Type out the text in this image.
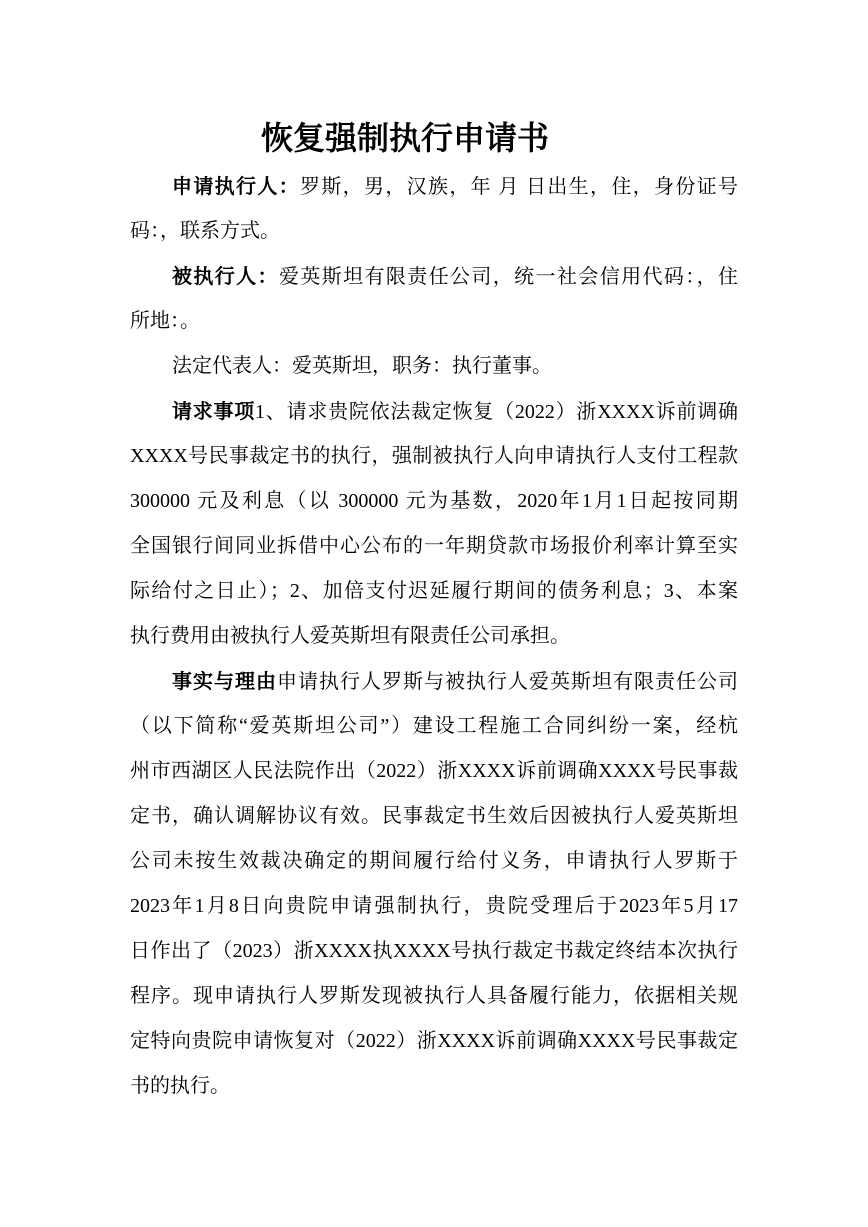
恢复强制执行申请书
申请执行人：罗斯，男，汉族，年 月 日出生，住，身份证号
码：，联系方式。
被执行人：爱英斯坦有限责任公司，统一社会信用代码：，住
所地：。
法定代表人：爱英斯坦，职务：执行董事。
请求事项1、请求贵院依法裁定恢复（2022）浙XXXX诉前调确
XXXX号民事裁定书的执行，强制被执行人向申请执行人支付工程款
300000 元及利息（以 300000 元为基数，2020年1月1日起按同期
全国银行间同业拆借中心公布的一年期贷款市场报价利率计算至实
际给付之日止）；2、加倍支付迟延履行期间的债务利息；3、本案
执行费用由被执行人爱英斯坦有限责任公司承担。
事实与理由申请执行人罗斯与被执行人爱英斯坦有限责任公司
（以下简称“爱英斯坦公司”）建设工程施工合同纠纷一案，经杭
州市西湖区人民法院作出（2022）浙XXXX诉前调确XXXX号民事裁
定书，确认调解协议有效。民事裁定书生效后因被执行人爱英斯坦
公司未按生效裁决确定的期间履行给付义务，申请执行人罗斯于
2023年1月8日向贵院申请强制执行，贵院受理后于2023年5月17
日作出了（2023）浙XXXX执XXXX号执行裁定书裁定终结本次执行
程序。现申请执行人罗斯发现被执行人具备履行能力，依据相关规
定特向贵院申请恢复对（2022）浙XXXX诉前调确XXXX号民事裁定
书的执行。
